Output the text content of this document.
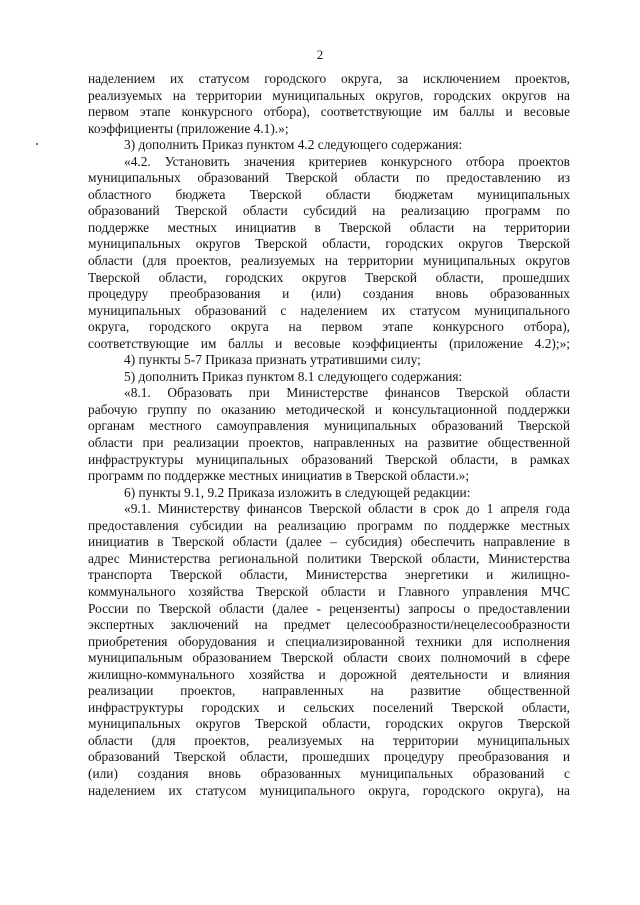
2
наделением их статусом городского округа, за исключением проектов,
реализуемых на территории муниципальных округов, городских округов на
первом этапе конкурсного отбора), соответствующие им баллы и весовые
коэффициенты (приложение 4.1).»;
3) дополнить Приказ пунктом 4.2 следующего содержания:
«4.2. Установить значения критериев конкурсного отбора проектов
муниципальных образований Тверской области по предоставлению из
областного бюджета Тверской области бюджетам муниципальных
образований Тверской области субсидий на реализацию программ по
поддержке местных инициатив в Тверской области на территории
муниципальных округов Тверской области, городских округов Тверской
области (для проектов, реализуемых на территории муниципальных округов
Тверской области, городских округов Тверской области, прошедших
процедуру преобразования и (или) создания вновь образованных
муниципальных образований с наделением их статусом муниципального
округа, городского округа на первом этапе конкурсного отбора),
соответствующие им баллы и весовые коэффициенты (приложение 4.2);»;
4) пункты 5-7 Приказа признать утратившими силу;
5) дополнить Приказ пунктом 8.1 следующего содержания:
«8.1. Образовать при Министерстве финансов Тверской области
рабочую группу по оказанию методической и консультационной поддержки
органам местного самоуправления муниципальных образований Тверской
области при реализации проектов, направленных на развитие общественной
инфраструктуры муниципальных образований Тверской области, в рамках
программ по поддержке местных инициатив в Тверской области.»;
6) пункты 9.1, 9.2 Приказа изложить в следующей редакции:
«9.1. Министерству финансов Тверской области в срок до 1 апреля года
предоставления субсидии на реализацию программ по поддержке местных
инициатив в Тверской области (далее – субсидия) обеспечить направление в
адрес Министерства региональной политики Тверской области, Министерства
транспорта Тверской области, Министерства энергетики и жилищно-
коммунального хозяйства Тверской области и Главного управления МЧС
России по Тверской области (далее - рецензенты) запросы о предоставлении
экспертных заключений на предмет целесообразности/нецелесообразности
приобретения оборудования и специализированной техники для исполнения
муниципальным образованием Тверской области своих полномочий в сфере
жилищно-коммунального хозяйства и дорожной деятельности и влияния
реализации проектов, направленных на развитие общественной
инфраструктуры городских и сельских поселений Тверской области,
муниципальных округов Тверской области, городских округов Тверской
области (для проектов, реализуемых на территории муниципальных
образований Тверской области, прошедших процедуру преобразования и
(или) создания вновь образованных муниципальных образований с
наделением их статусом муниципального округа, городского округа), на
